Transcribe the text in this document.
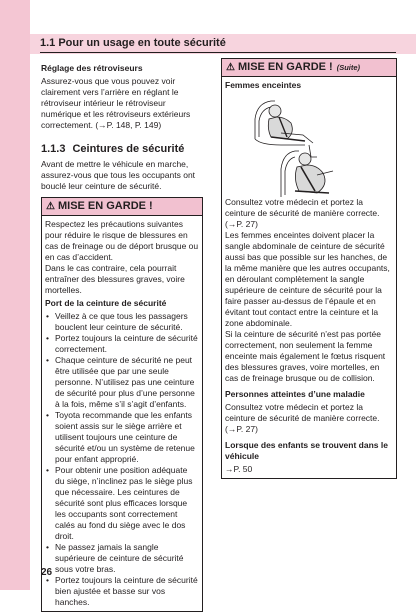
1.1 Pour un usage en toute sécurité
Réglage des rétroviseurs

Assurez-vous que vous pouvez voir clairement vers l’arrière en réglant le rétroviseur intérieur le rétroviseur numérique et les rétroviseurs extérieurs correctement. (→P. 148, P. 149)

1.1.3 Ceintures de sécurité

Avant de mettre le véhicule en marche, assurez-vous que tous les occupants ont bouclé leur ceinture de sécurité.

⚠ MISE EN GARDE !

Respectez les précautions suivantes pour réduire le risque de blessures en cas de freinage ou de déport brusque ou en cas d’accident.

Dans le cas contraire, cela pourrait entraîner des blessures graves, voire mortelles.

Port de la ceinture de sécurité
• Veillez à ce que tous les passagers bouclent leur ceinture de sécurité.
• Portez toujours la ceinture de sécurité correctement.
• Chaque ceinture de sécurité ne peut être utilisée que par une seule personne. N’utilisez pas une ceinture de sécurité pour plus d’une personne à la fois, même s’il s’agit d’enfants.
• Toyota recommande que les enfants soient assis sur le siège arrière et utilisent toujours une ceinture de sécurité et/ou un système de retenue pour enfant approprié.
• Pour obtenir une position adéquate du siège, n’inclinez pas le siège plus que nécessaire. Les ceintures de sécurité sont plus efficaces lorsque les occupants sont correctement calés au fond du siège avec le dos droit.
• Ne passez jamais la sangle supérieure de ceinture de sécurité sous votre bras.
• Portez toujours la ceinture de sécurité bien ajustée et basse sur vos hanches.
⚠ MISE EN GARDE ! (Suite)
Femmes enceintes

Consultez votre médecin et portez la ceinture de sécurité de manière correcte. (→P. 27)

Les femmes enceintes doivent placer la sangle abdominale de ceinture de sécurité aussi bas que possible sur les hanches, de la même manière que les autres occupants, en déroulant complètement la sangle supérieure de ceinture de sécurité pour la faire passer au-dessus de l’épaule et en évitant tout contact entre la ceinture et la zone abdominale.

Si la ceinture de sécurité n’est pas portée correctement, non seulement la femme enceinte mais également le fœtus risquent des blessures graves, voire mortelles, en cas de freinage brusque ou de collision.

Personnes atteintes d’une maladie

Consultez votre médecin et portez la ceinture de sécurité de manière correcte. (→P. 27)

Lorsque des enfants se trouvent dans le véhicule

→P. 50

26
